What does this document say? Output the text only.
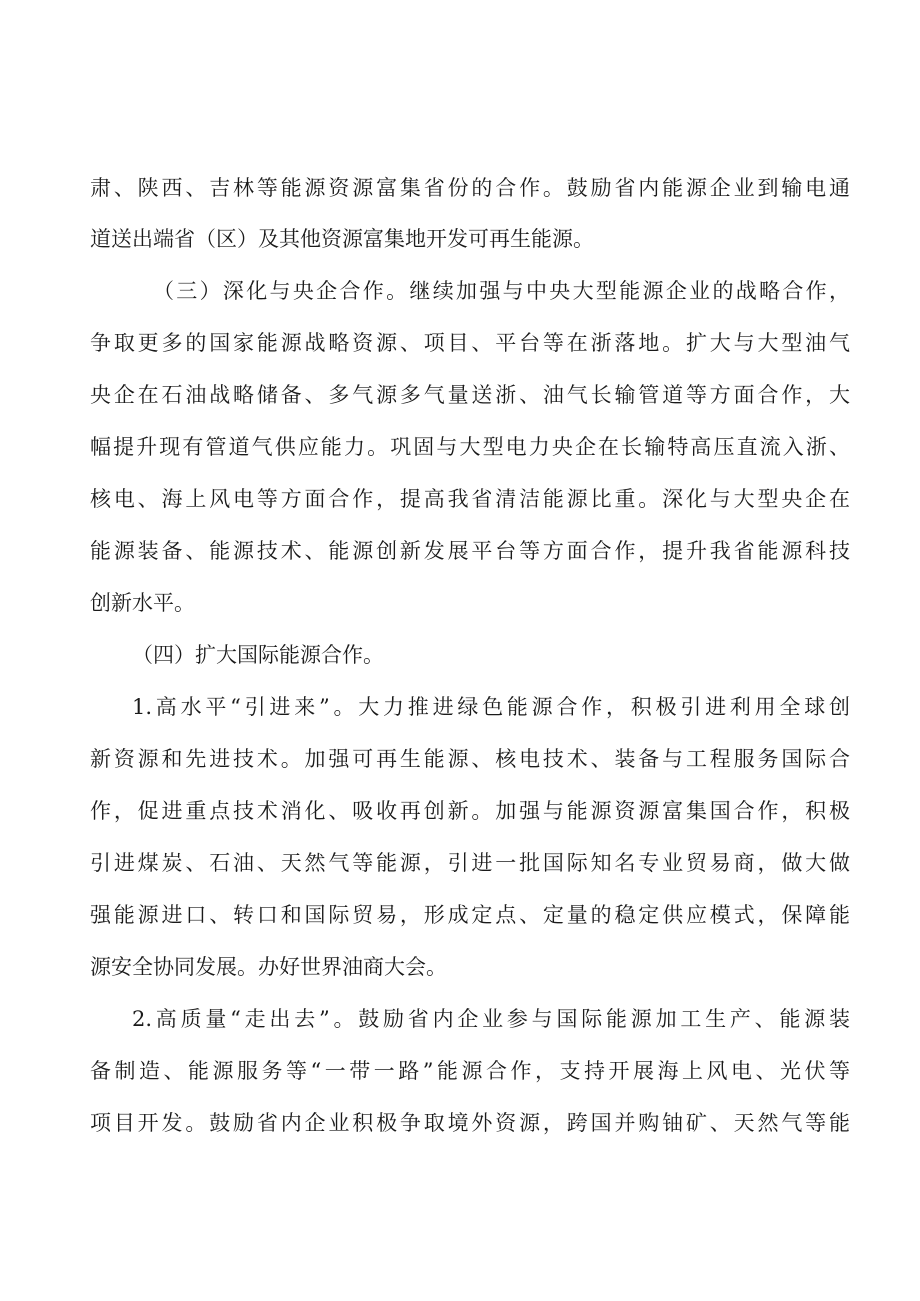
肃、陕西、吉林等能源资源富集省份的合作。鼓励省内能源企业到输电通
道送出端省（区）及其他资源富集地开发可再生能源。
（三）深化与央企合作。继续加强与中央大型能源企业的战略合作，
争取更多的国家能源战略资源、项目、平台等在浙落地。扩大与大型油气
央企在石油战略储备、多气源多气量送浙、油气长输管道等方面合作，大
幅提升现有管道气供应能力。巩固与大型电力央企在长输特高压直流入浙、
核电、海上风电等方面合作，提高我省清洁能源比重。深化与大型央企在
能源装备、能源技术、能源创新发展平台等方面合作，提升我省能源科技
创新水平。
（四）扩大国际能源合作。
1.高水平“引进来”。大力推进绿色能源合作，积极引进利用全球创
新资源和先进技术。加强可再生能源、核电技术、装备与工程服务国际合
作，促进重点技术消化、吸收再创新。加强与能源资源富集国合作，积极
引进煤炭、石油、天然气等能源，引进一批国际知名专业贸易商，做大做
强能源进口、转口和国际贸易，形成定点、定量的稳定供应模式，保障能
源安全协同发展。办好世界油商大会。
2.高质量“走出去”。鼓励省内企业参与国际能源加工生产、能源装
备制造、能源服务等“一带一路”能源合作，支持开展海上风电、光伏等
项目开发。鼓励省内企业积极争取境外资源，跨国并购铀矿、天然气等能
